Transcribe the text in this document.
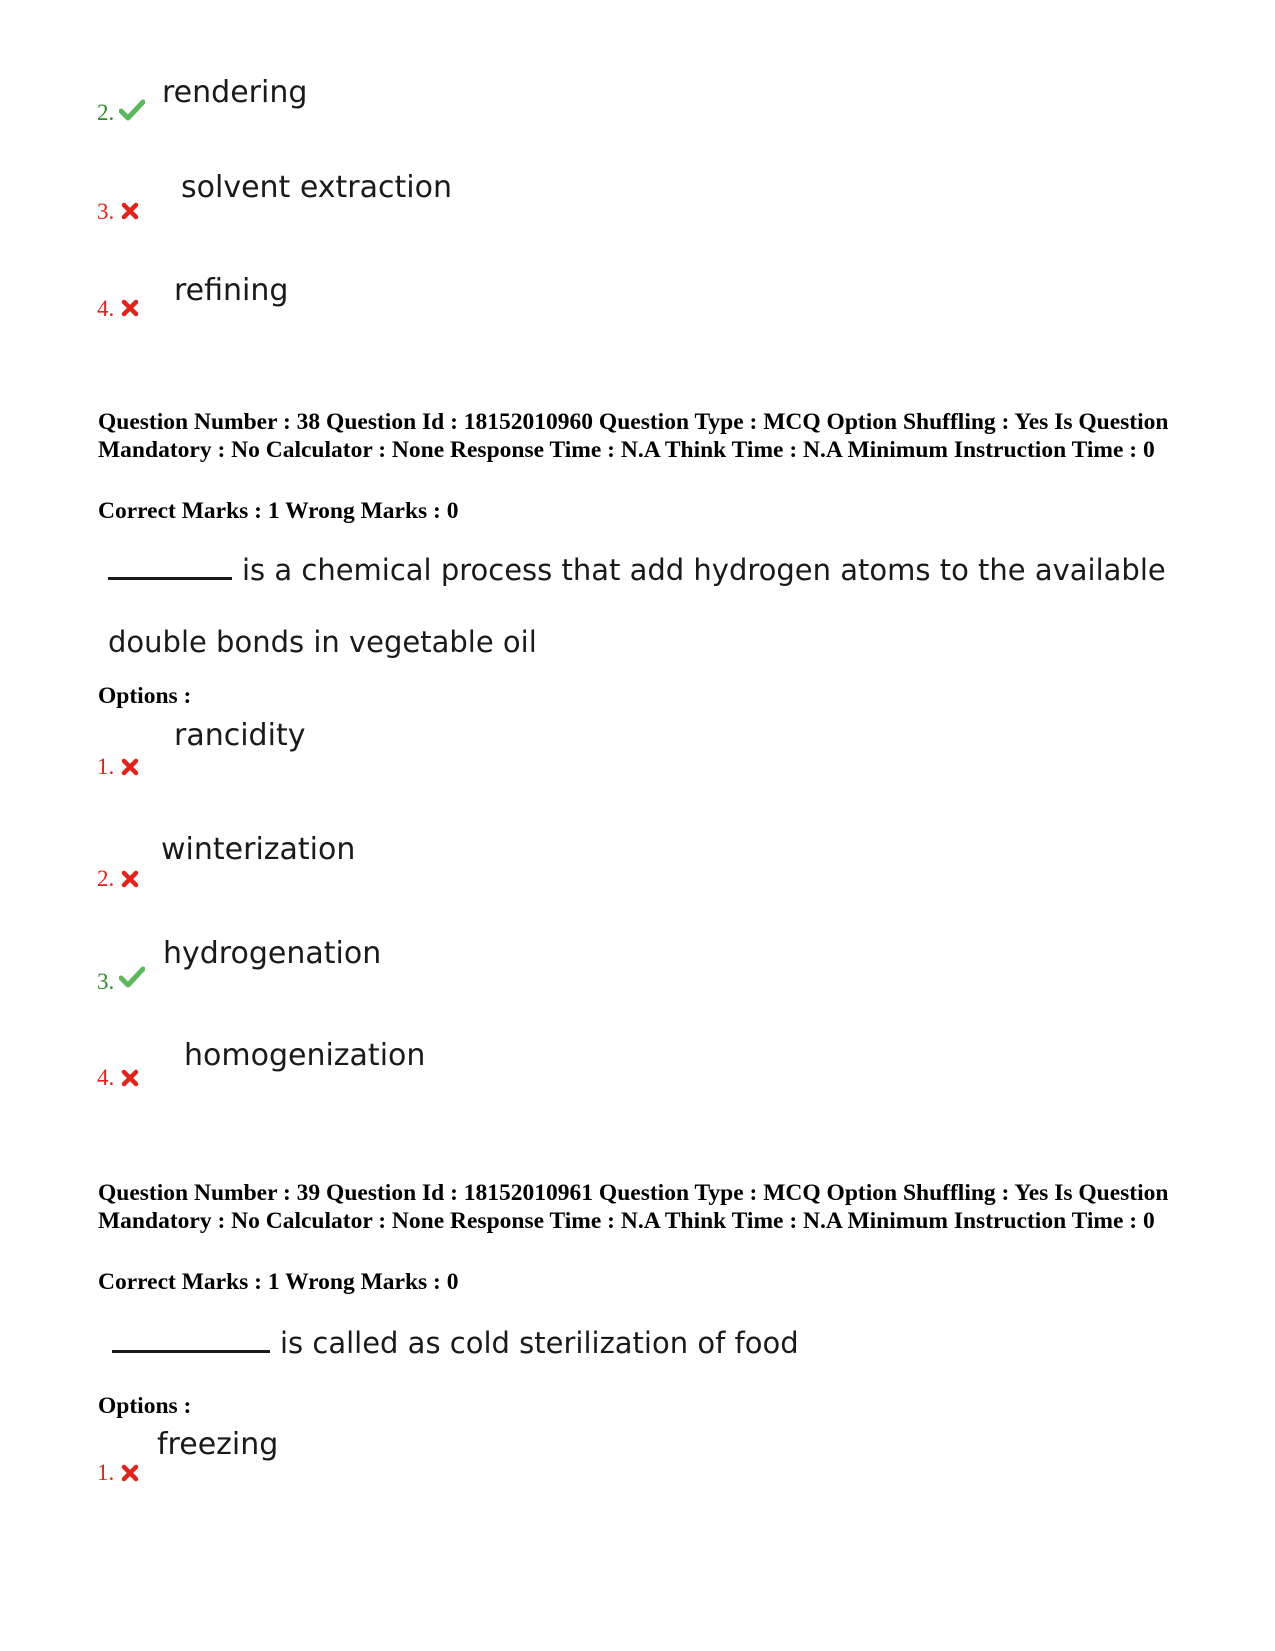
rendering
2.
solvent extraction
3.
refining
4.
Question Number : 38 Question Id : 18152010960 Question Type : MCQ Option Shuffling : Yes Is Question Mandatory : No Calculator : None Response Time : N.A Think Time : N.A Minimum Instruction Time : 0
Correct Marks : 1 Wrong Marks : 0
is a chemical process that add hydrogen atoms to the available
double bonds in vegetable oil
Options :
rancidity
1.
winterization
2.
hydrogenation
3.
homogenization
4.
Question Number : 39 Question Id : 18152010961 Question Type : MCQ Option Shuffling : Yes Is Question Mandatory : No Calculator : None Response Time : N.A Think Time : N.A Minimum Instruction Time : 0
Correct Marks : 1 Wrong Marks : 0
is called as cold sterilization of food
Options :
freezing
1.
